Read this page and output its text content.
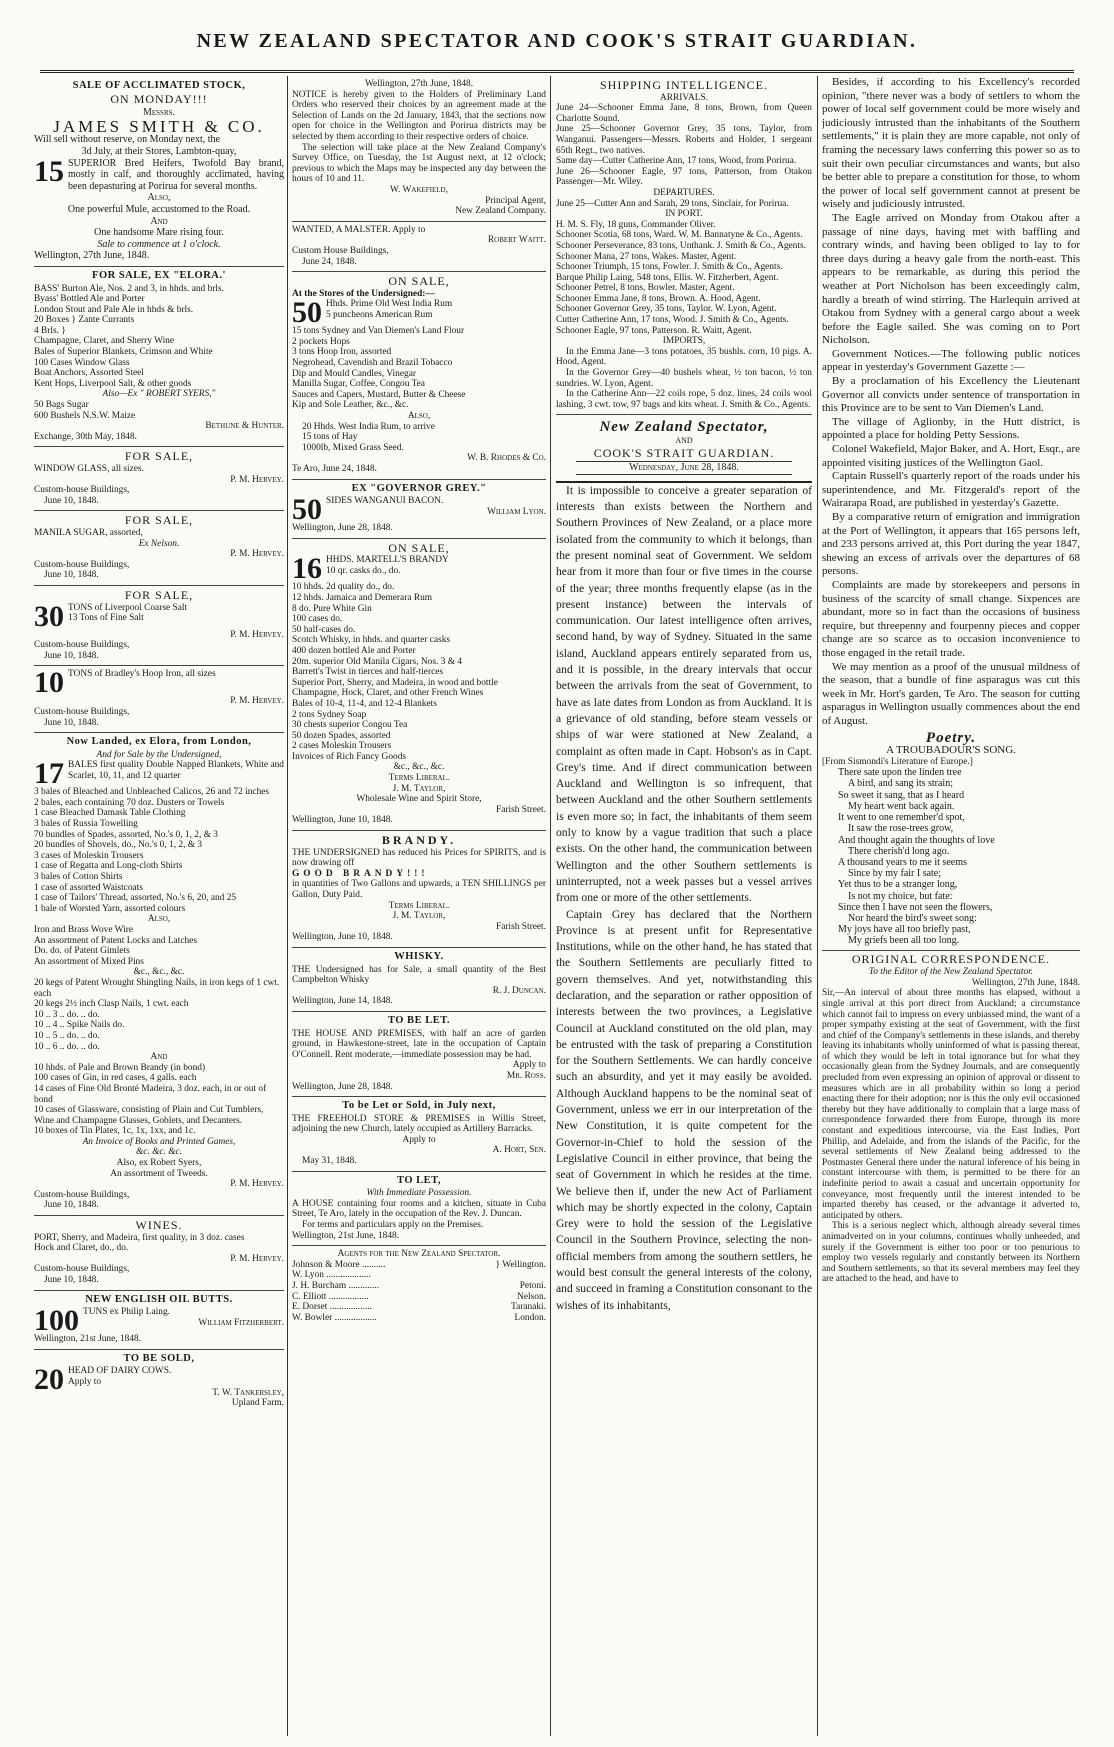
NEW ZEALAND SPECTATOR AND COOK'S STRAIT GUARDIAN.
SALE OF ACCLIMATED STOCK,
ON MONDAY!!!
Messrs.
JAMES SMITH & CO.
Will sell without reserve, on Monday next, the
3d July, at their Stores, Lambton-quay,
15 SUPERIOR Bred Heifers, Twofold Bay brand, mostly in calf, and thoroughly acclimated, having been depasturing at Porirua for several months.

Also,
One powerful Mule, accustomed to the Road.
And
One handsome Mare rising four.
Sale to commence at 1 o'clock.
Wellington, 27th June, 1848.
FOR SALE, EX "ELORA.'
BASS' Burton Ale, Nos. 2 and 3, in hhds. and brls.
Byass' Bottled Ale and Porter
London Stout and Pale Ale in hhds & brls.
20 Boxes } Zante Currants
4 Brls. }
Champagne, Claret, and Sherry Wine
Bales of Superior Blankets, Crimson and White
100 Cases Window Glass
Boat Anchors, Assorted Steel
Kent Hops, Liverpool Salt, & other goods
Also—Ex " ROBERT SYERS,"
50 Bags Sugar
600 Bushels N.S.W. Maize
Bethune & Hunter.
Exchange, 30th May, 1848.
FOR SALE,
WINDOW GLASS, all sizes.
P. M. Hervey.
Custom-house Buildings,
June 10, 1848.
FOR SALE,
MANILA SUGAR, assorted,
Ex Nelson.
P. M. Hervey.
Custom-house Buildings,
June 10, 1848.
FOR SALE,
30 TONS of Liverpool Coarse Salt
13 Tons of Fine Salt
P. M. Hervey.
Custom-house Buildings,
June 10, 1848.
10 TONS of Bradley's Hoop Iron, all sizes

P. M. Hervey.
Custom-house Buildings,
June 10, 1848.
Now Landed, ex Elora, from London,
And for Sale by the Undersigned,
17 BALES first quality Double Napped Blankets, White and Scarlet, 10, 11, and 12 quarter

3 bales of Bleached and Unbleached Calicos, 26 and 72 inches
2 bales, each containing 70 doz. Dusters or Towels
1 case Bleached Damask Table Clothing
3 bales of Russia Towelling
70 bundles of Spades, assorted, No.'s 0, 1, 2, & 3
20 bundles of Shovels, do., No.'s 0, 1, 2, & 3
3 cases of Moleskin Trousers
1 case of Regatta and Long-cloth Shirts
3 bales of Cotton Shirts
1 case of assorted Waistcoats
1 case of Tailors' Thread, assorted, No.'s 6, 20, and 25
1 bale of Worsted Yarn, assorted colours
Also,
Iron and Brass Wove Wire
An assortment of Patent Locks and Latches
Do. do. of Patent Gimlets
An assortment of Mixed Pins
&c., &c., &c.
20 kegs of Patent Wrought Shingling Nails, in iron kegs of 1 cwt. each
20 kegs 2½ inch Clasp Nails, 1 cwt. each
10 .. 3 .. do. .. do.
10 .. 4 .. Spike Nails do.
10 .. 5 .. do. .. do.
10 .. 6 .. do. .. do.
And
10 hhds. of Pale and Brown Brandy (in bond)
100 cases of Gin, in red cases, 4 galls. each
14 cases of Fine Old Bronté Madeira, 3 doz. each, in or out of bond
10 cases of Glassware, consisting of Plain and Cut Tumblers, Wine and Champagne Glasses, Goblets, and Decanters.
10 boxes of Tin Plates, 1c, 1x, 1xx, and 1c.
An Invoice of Books and Printed Games,
&c. &c. &c.
Also, ex Robert Syers,
An assortment of Tweeds.
P. M. Hervey.
Custom-house Buildings,
June 10, 1848.
WINES.

PORT, Sherry, and Madeira, first quality, in 3 doz. cases

Hock and Claret, do., do.
P. M. Hervey.
Custom-house Buildings,
June 10, 1848.
NEW ENGLISH OIL BUTTS.
100 TUNS ex Philip Laing.
William Fitzherbert.
Wellington, 21st June, 1848.
TO BE SOLD,
20 HEAD OF DAIRY COWS.
Apply to
T. W. Tankersley,
Upland Farm.
Wellington, 27th June, 1848.

NOTICE is hereby given to the Holders of Preliminary Land Orders who reserved their choices by an agreement made at the Selection of Lands on the 2d January, 1843, that the sections now open for choice in the Wellington and Porirua districts may be selected by them according to their respective orders of choice.

The selection will take place at the New Zealand Company's Survey Office, on Tuesday, the 1st August next, at 12 o'clock; previous to which the Maps may be inspected any day between the hours of 10 and 11.

W. Wakefield,
Principal Agent,
New Zealand Company.
WANTED, A MALSTER. Apply to
Robert Waitt.
Custom House Buildings,
June 24, 1848.
ON SALE,
At the Stores of the Undersigned:—
50 Hhds. Prime Old West India Rum
5 puncheons American Rum
15 tons Sydney and Van Diemen's Land Flour
2 pockets Hops
3 tons Hoop Iron, assorted
Negrohead, Cavendish and Brazil Tobacco
Dip and Mould Candles, Vinegar
Manilla Sugar, Coffee, Congou Tea
Sauces and Capers, Mustard, Butter & Cheese
Kip and Sole Leather, &c., &c.
Also,
20 Hhds. West India Rum, to arrive
15 tons of Hay
1000lb, Mixed Grass Seed.
W. B. Rhodes & Co.
Te Aro, June 24, 1848.
EX "GOVERNOR GREY."
50 SIDES WANGANUI BACON.
William Lyon.
Wellington, June 28, 1848.
ON SALE,
16 HHDS. MARTELL'S BRANDY
10 qr. casks do., do.
10 hhds. 2d quality do., do.
12 hhds. Jamaica and Demerara Rum
8 do. Pure White Gin
100 cases do.
50 half-cases do.
Scotch Whisky, in hhds. and quarter casks
400 dozen bottled Ale and Porter
20m. superior Old Manila Cigars, Nos. 3 & 4
Barrett's Twist in tierces and half-tierces
Superior Port, Sherry, and Madeira, in wood and bottle
Champagne, Hock, Claret, and other French Wines
Bales of 10-4, 11-4, and 12-4 Blankets
2 tons Sydney Soap
30 chests superior Congou Tea
50 dozen Spades, assorted
2 cases Moleskin Trousers
Invoices of Rich Fancy Goods
&c., &c., &c.
Terms Liberal.
J. M. Taylor,
Wholesale Wine and Spirit Store,
Farish Street.
Wellington, June 10, 1848.
BRANDY.

THE UNDERSIGNED has reduced his Prices for SPIRITS, and is now drawing off

GOOD BRANDY!!!

in quantities of Two Gallons and upwards, a TEN SHILLINGS per Gallon, Duty Paid.

Terms Liberal.
J. M. Taylor,
Farish Street.
Wellington, June 10, 1848.
WHISKY.

THE Undersigned has for Sale, a small quantity of the Best Campbelton Whisky

R. J. Duncan.
Wellington, June 14, 1848.
TO BE LET.

THE HOUSE AND PREMISES, with half an acre of garden ground, in Hawkestone-street, late in the occupation of Captain O'Connell. Rent moderate,—immediate possession may be had.

Apply to
Mr. Ross.
Wellington, June 28, 1848.
To be Let or Sold, in July next,

THE FREEHOLD STORE & PREMISES in Willis Street, adjoining the new Church, lately occupied as Artillery Barracks.

Apply to
A. Hort, Sen.
May 31, 1848.
TO LET,
With Immediate Possession.

A HOUSE containing four rooms and a kitchen, situate in Cuba Street, Te Aro, lately in the occupation of the Rev. J. Duncan.

For terms and particulars apply on the Premises.

Wellington, 21st June, 1848.
Agents for the New Zealand Spectator.
Johnson & Moore ..........	} Wellington.
W. Lyon ...................
J. H. Burcham .............	Petoni.
C. Elliott .................	Nelson.
E. Dorset ..................	Taranaki.
W. Bowler ..................	London.
SHIPPING INTELLIGENCE.
ARRIVALS.

June 24—Schooner Emma Jane, 8 tons, Brown, from Queen Charlotte Sound.

June 25—Schooner Governor Grey, 35 tons, Taylor, from Wanganui. Passengers—Messrs. Roberts and Holder, 1 sergeant 65th Regt., two natives.

Same day—Cutter Catherine Ann, 17 tons, Wood, from Porirua.

June 26—Schooner Eagle, 97 tons, Patterson, from Otakou Passenger—Mr. Wiley.

DEPARTURES.

June 25—Cutter Ann and Sarah, 29 tons, Sinclair, for Porirua.

IN PORT.

H. M. S. Fly, 18 guns, Commander Oliver.

Schooner Scotia, 68 tons, Ward. W. M. Bannatyne & Co., Agents.

Schooner Perseverance, 83 tons, Unthank. J. Smith & Co., Agents.

Schooner Mana, 27 tons, Wakes. Master, Agent.

Schooner Triumph, 15 tons, Fowler. J. Smith & Co., Agents.

Barque Philip Laing, 548 tons, Ellis. W. Fitzherbert, Agent.

Schooner Petrel, 8 tons, Bowler. Master, Agent.

Schooner Emma Jane, 8 tons, Brown. A. Hood, Agent.

Schooner Governor Grey, 35 tons, Taylor. W. Lyon, Agent.

Cutter Catherine Ann, 17 tons, Wood. J. Smith & Co., Agents.

Schooner Eagle, 97 tons, Patterson. R. Waitt, Agent.

IMPORTS,

In the Emma Jane—3 tons potatoes, 35 bushls. corn, 10 pigs. A. Hood, Agent.

In the Governor Grey—40 bushels wheat, ½ ton bacon, ½ ton sundries. W. Lyon, Agent.

In the Catherine Ann—22 coils rope, 5 doz. lines, 24 coils wool lashing, 3 cwt. tow, 97 bags and kits wheat. J. Smith & Co., Agents.

New Zealand Spectator,
AND
COOK'S STRAIT GUARDIAN.
Wednesday, June 28, 1848.

It is impossible to conceive a greater separation of interests than exists between the Northern and Southern Provinces of New Zealand, or a place more isolated from the community to which it belongs, than the present nominal seat of Government. We seldom hear from it more than four or five times in the course of the year; three months frequently elapse (as in the present instance) between the intervals of communication. Our latest intelligence often arrives, second hand, by way of Sydney. Situated in the same island, Auckland appears entirely separated from us, and it is possible, in the dreary intervals that occur between the arrivals from the seat of Government, to have as late dates from London as from Auckland. It is a grievance of old standing, before steam vessels or ships of war were stationed at New Zealand, a complaint as often made in Capt. Hobson's as in Capt. Grey's time. And if direct communication between Auckland and Wellington is so infrequent, that between Auckland and the other Southern settlements is even more so; in fact, the inhabitants of them seem only to know by a vague tradition that such a place exists. On the other hand, the communication between Wellington and the other Southern settlements is uninterrupted, not a week passes but a vessel arrives from one or more of the other settlements.

Captain Grey has declared that the Northern Province is at present unfit for Representative Institutions, while on the other hand, he has stated that the Southern Settlements are peculiarly fitted to govern themselves. And yet, notwithstanding this declaration, and the separation or rather opposition of interests between the two provinces, a Legislative Council at Auckland constituted on the old plan, may be entrusted with the task of preparing a Constitution for the Southern Settlements. We can hardly conceive such an absurdity, and yet it may easily be avoided. Although Auckland happens to be the nominal seat of Government, unless we err in our interpretation of the New Constitution, it is quite competent for the Governor-in-Chief to hold the session of the Legislative Council in either province, that being the seat of Government in which he resides at the time. We believe then if, under the new Act of Parliament which may be shortly expected in the colony, Captain Grey were to hold the session of the Legislative Council in the Southern Province, selecting the non-official members from among the southern settlers, he would best consult the general interests of the colony, and succeed in framing a Constitution consonant to the wishes of its inhabitants,

Besides, if according to his Excellency's recorded opinion, "there never was a body of settlers to whom the power of local self government could be more wisely and judiciously intrusted than the inhabitants of the Southern settlements," it is plain they are more capable, not only of framing the necessary laws conferring this power so as to suit their own peculiar circumstances and wants, but also be better able to prepare a constitution for those, to whom the power of local self government cannot at present be wisely and judiciously intrusted.

The Eagle arrived on Monday from Otakou after a passage of nine days, having met with baffling and contrary winds, and having been obliged to lay to for three days during a heavy gale from the north-east. This appears to be remarkable, as during this period the weather at Port Nicholson has been exceedingly calm, hardly a breath of wind stirring. The Harlequin arrived at Otakou from Sydney with a general cargo about a week before the Eagle sailed. She was coming on to Port Nicholson.

Government Notices.—The following public notices appear in yesterday's Government Gazette :—

By a proclamation of his Excellency the Lieutenant Governor all convicts under sentence of transportation in this Province are to be sent to Van Diemen's Land.

The village of Aglionby, in the Hutt district, is appointed a place for holding Petty Sessions.

Colonel Wakefield, Major Baker, and A. Hort, Esqr., are appointed visiting justices of the Wellington Gaol.

Captain Russell's quarterly report of the roads under his superintendence, and Mr. Fitzgerald's report of the Wairarapa Road, are published in yesterday's Gazette.

By a comparative return of emigration and immigration at the Port of Wellington, it appears that 165 persons left, and 233 persons arrived at, this Port during the year 1847, shewing an excess of arrivals over the departures of 68 persons.

Complaints are made by storekeepers and persons in business of the scarcity of small change. Sixpences are abundant, more so in fact than the occasions of business require, but threepenny and fourpenny pieces and copper change are so scarce as to occasion inconvenience to those engaged in the retail trade.

We may mention as a proof of the unusual mildness of the season, that a bundle of fine asparagus was cut this week in Mr. Hort's garden, Te Aro. The season for cutting asparagus in Wellington usually commences about the end of August.

Poetry.
A TROUBADOUR'S SONG.
[From Sismondi's Literature of Europe.]
There sate upon the linden tree
A bird, and sang its strain;
So sweet it sang, that as I heard
My heart went back again.
It went to one remember'd spot,
It saw the rose-trees grow,
And thought again the thoughts of love
There cherish'd long ago.
A thousand years to me it seems
Since by my fair I sate;
Yet thus to be a stranger long,
Is not my choice, but fate:
Since then I have not seen the flowers,
Nor heard the bird's sweet song:
My joys have all too briefly past,
My griefs been all too long.
ORIGINAL CORRESPONDENCE.
To the Editor of the New Zealand Spectator.
Wellington, 27th June, 1848.

Sir,—An interval of about three months has elapsed, without a single arrival at this port direct from Auckland; a circumstance which cannot fail to impress on every unbiassed mind, the want of a proper sympathy existing at the seat of Government, with the first and chief of the Company's settlements in these islands, and thereby leaving its inhabitants wholly uninformed of what is passing thereat, of which they would be left in total ignorance but for what they occasionally glean from the Sydney Journals, and are consequently precluded from even expressing an opinion of approval or dissent to measures which are in all probability within so long a period enacting there for their adoption; nor is this the only evil occasioned thereby but they have additionally to complain that a large mass of correspondence forwarded there from Europe, through its more constant and expeditious intercourse, via the East Indies, Port Phillip, and Adelaide, and from the islands of the Pacific, for the several settlements of New Zealand being addressed to the Postmaster General there under the natural inference of his being in constant intercourse with them, is permitted to be there for an indefinite period to await a casual and uncertain opportunity for conveyance, most frequently until the interest intended to be imparted thereby has ceased, or the advantage it adverted to, anticipated by others.

This is a serious neglect which, although already several times animadverted on in your columns, continues wholly unheeded, and surely if the Government is either too poor or too penurious to employ two vessels regularly and constantly between its Northern and Southern settlements, so that its several members may feel they are attached to the head, and have to
